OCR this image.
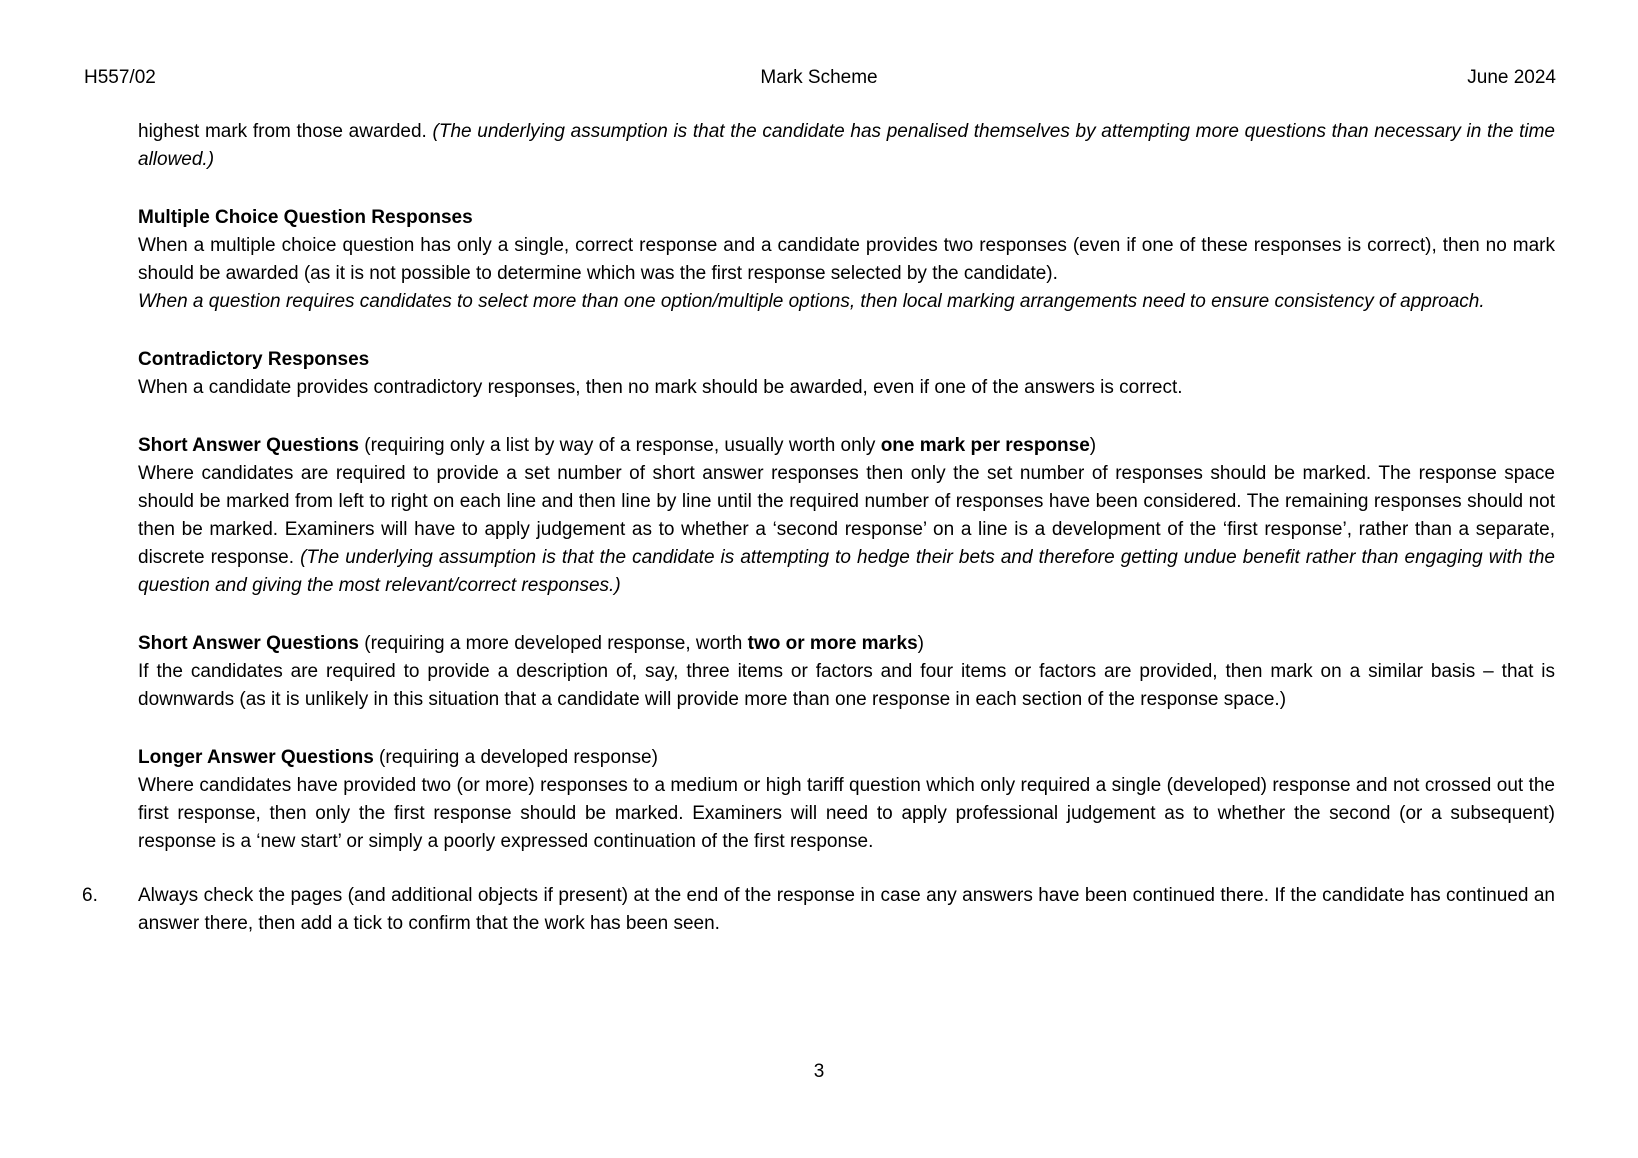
H557/02	Mark Scheme	June 2024

highest mark from those awarded. (The underlying assumption is that the candidate has penalised themselves by attempting more questions than necessary in the time allowed.)

Multiple Choice Question Responses

When a multiple choice question has only a single, correct response and a candidate provides two responses (even if one of these responses is correct), then no mark should be awarded (as it is not possible to determine which was the first response selected by the candidate).

When a question requires candidates to select more than one option/multiple options, then local marking arrangements need to ensure consistency of approach.

Contradictory Responses

When a candidate provides contradictory responses, then no mark should be awarded, even if one of the answers is correct.

Short Answer Questions (requiring only a list by way of a response, usually worth only one mark per response)

Where candidates are required to provide a set number of short answer responses then only the set number of responses should be marked. The response space should be marked from left to right on each line and then line by line until the required number of responses have been considered. The remaining responses should not then be marked. Examiners will have to apply judgement as to whether a ‘second response’ on a line is a development of the ‘first response’, rather than a separate, discrete response. (The underlying assumption is that the candidate is attempting to hedge their bets and therefore getting undue benefit rather than engaging with the question and giving the most relevant/correct responses.)

Short Answer Questions (requiring a more developed response, worth two or more marks)

If the candidates are required to provide a description of, say, three items or factors and four items or factors are provided, then mark on a similar basis – that is downwards (as it is unlikely in this situation that a candidate will provide more than one response in each section of the response space.)

Longer Answer Questions (requiring a developed response)

Where candidates have provided two (or more) responses to a medium or high tariff question which only required a single (developed) response and not crossed out the first response, then only the first response should be marked. Examiners will need to apply professional judgement as to whether the second (or a subsequent) response is a ‘new start’ or simply a poorly expressed continuation of the first response.

6. Always check the pages (and additional objects if present) at the end of the response in case any answers have been continued there. If the candidate has continued an answer there, then add a tick to confirm that the work has been seen.

3
